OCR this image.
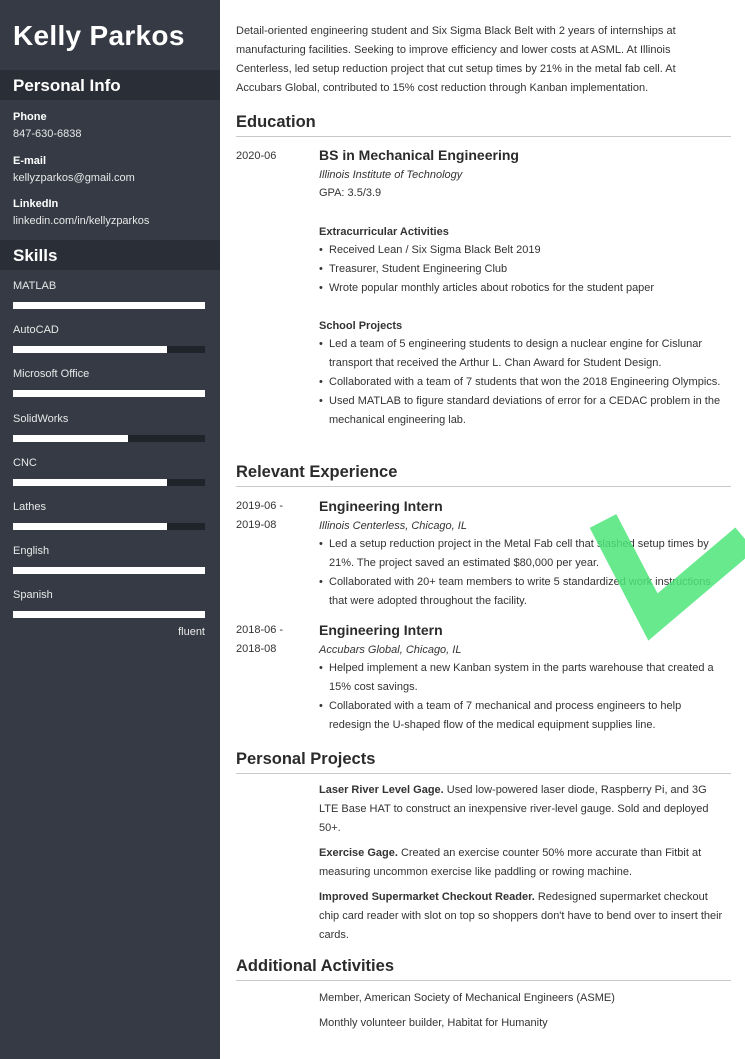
Kelly Parkos
Personal Info
Phone
847-630-6838
E-mail
kellyzparkos@gmail.com
LinkedIn
linkedin.com/in/kellyzparkos
Skills
MATLAB
AutoCAD
Microsoft Office
SolidWorks
CNC
Lathes
English
Spanish
fluent
Detail-oriented engineering student and Six Sigma Black Belt with 2 years of internships at manufacturing facilities. Seeking to improve efficiency and lower costs at ASML. At Illinois Centerless, led setup reduction project that cut setup times by 21% in the metal fab cell. At Accubars Global, contributed to 15% cost reduction through Kanban implementation.
Education
2020-06	BS in Mechanical Engineering
Illinois Institute of Technology
GPA: 3.5/3.9
Extracurricular Activities
• Received Lean / Six Sigma Black Belt 2019
• Treasurer, Student Engineering Club
• Wrote popular monthly articles about robotics for the student paper
School Projects
• Led a team of 5 engineering students to design a nuclear engine for Cislunar transport that received the Arthur L. Chan Award for Student Design.
• Collaborated with a team of 7 students that won the 2018 Engineering Olympics.
• Used MATLAB to figure standard deviations of error for a CEDAC problem in the mechanical engineering lab.
Relevant Experience
2019-06 -
2019-08
Engineering Intern
Illinois Centerless, Chicago, IL
• Led a setup reduction project in the Metal Fab cell that slashed setup times by 21%. The project saved an estimated $80,000 per year.
• Collaborated with 20+ team members to write 5 standardized work instructions that were adopted throughout the facility.
2018-06 -
2018-08
Engineering Intern
Accubars Global, Chicago, IL
• Helped implement a new Kanban system in the parts warehouse that created a 15% cost savings.
• Collaborated with a team of 7 mechanical and process engineers to help redesign the U-shaped flow of the medical equipment supplies line.
Personal Projects
Laser River Level Gage. Used low-powered laser diode, Raspberry Pi, and 3G LTE Base HAT to construct an inexpensive river-level gauge. Sold and deployed 50+.
Exercise Gage. Created an exercise counter 50% more accurate than Fitbit at measuring uncommon exercise like paddling or rowing machine.
Improved Supermarket Checkout Reader. Redesigned supermarket checkout chip card reader with slot on top so shoppers don't have to bend over to insert their cards.
Additional Activities
Member, American Society of Mechanical Engineers (ASME)
Monthly volunteer builder, Habitat for Humanity
